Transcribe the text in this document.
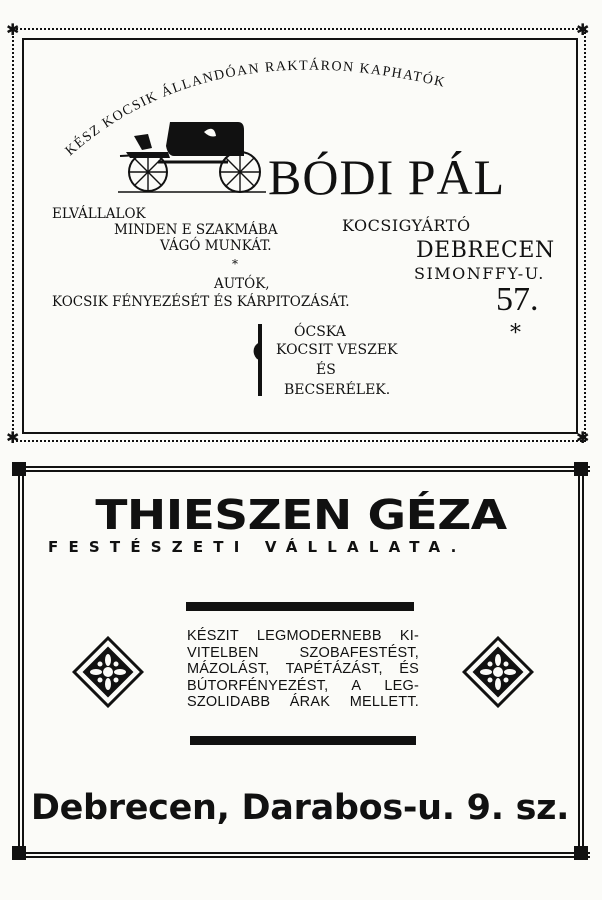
✱	✱
✱	✱
KÉSZ KOCSIK ÁLLANDÓAN RAKTÁRON KAPHATÓK
BÓDI PÁL
ELVÁLLALOK
MINDEN E SZAKMÁBA
VÁGÓ MUNKÁT.
*
AUTÓK,
KOCSIK FÉNYEZÉSÉT ÉS KÁRPITOZÁSÁT.
KOCSIGYÁRTÓ
DEBRECEN
SIMONFFY-U.
57.
*
ÓCSKA
KOCSIT VESZEK
ÉS
BECSERÉLEK.
THIESZEN GÉZA
FESTÉSZETI VÁLLALATA.
KÉSZIT LEGMODERNEBB KI-
VITELBEN SZOBAFESTÉST,
MÁZOLÁST, TAPÉTÁZÁST, ÉS
BÚTORFÉNYEZÉST, A LEG-
SZOLIDABB ÁRAK MELLETT.
Debrecen, Darabos-u. 9. sz.
